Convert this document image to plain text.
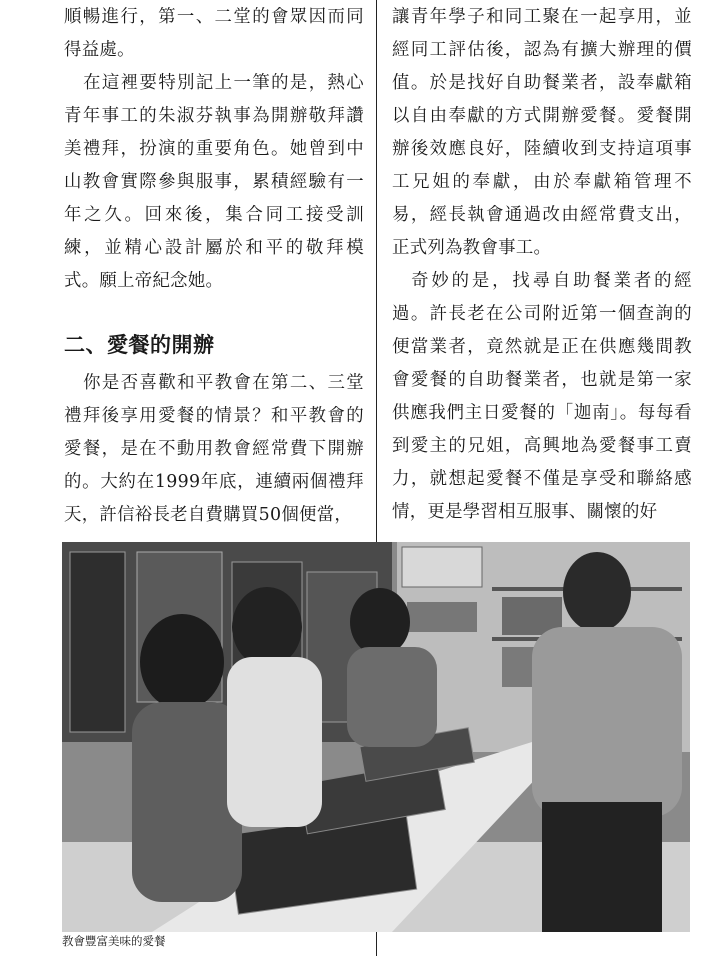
順暢進行，第一、二堂的會眾因而同得益處。

在這裡要特別記上一筆的是，熱心青年事工的朱淑芬執事為開辦敬拜讚美禮拜，扮演的重要角色。她曾到中山教會實際參與服事，累積經驗有一年之久。回來後，集合同工接受訓練，並精心設計屬於和平的敬拜模式。願上帝紀念她。

二、愛餐的開辦

你是否喜歡和平教會在第二、三堂禮拜後享用愛餐的情景？和平教會的愛餐，是在不動用教會經常費下開辦的。大約在1999年底，連續兩個禮拜天，許信裕長老自費購買50個便當，

讓青年學子和同工聚在一起享用，並經同工評估後，認為有擴大辦理的價值。於是找好自助餐業者，設奉獻箱以自由奉獻的方式開辦愛餐。愛餐開辦後效應良好，陸續收到支持這項事工兄姐的奉獻，由於奉獻箱管理不易，經長執會通過改由經常費支出，正式列為教會事工。

奇妙的是，找尋自助餐業者的經過。許長老在公司附近第一個查詢的便當業者，竟然就是正在供應幾間教會愛餐的自助餐業者，也就是第一家供應我們主日愛餐的「迦南」。每每看到愛主的兄姐，高興地為愛餐事工賣力，就想起愛餐不僅是享受和聯絡感情，更是學習相互服事、關懷的好

教會豐富美味的愛餐
